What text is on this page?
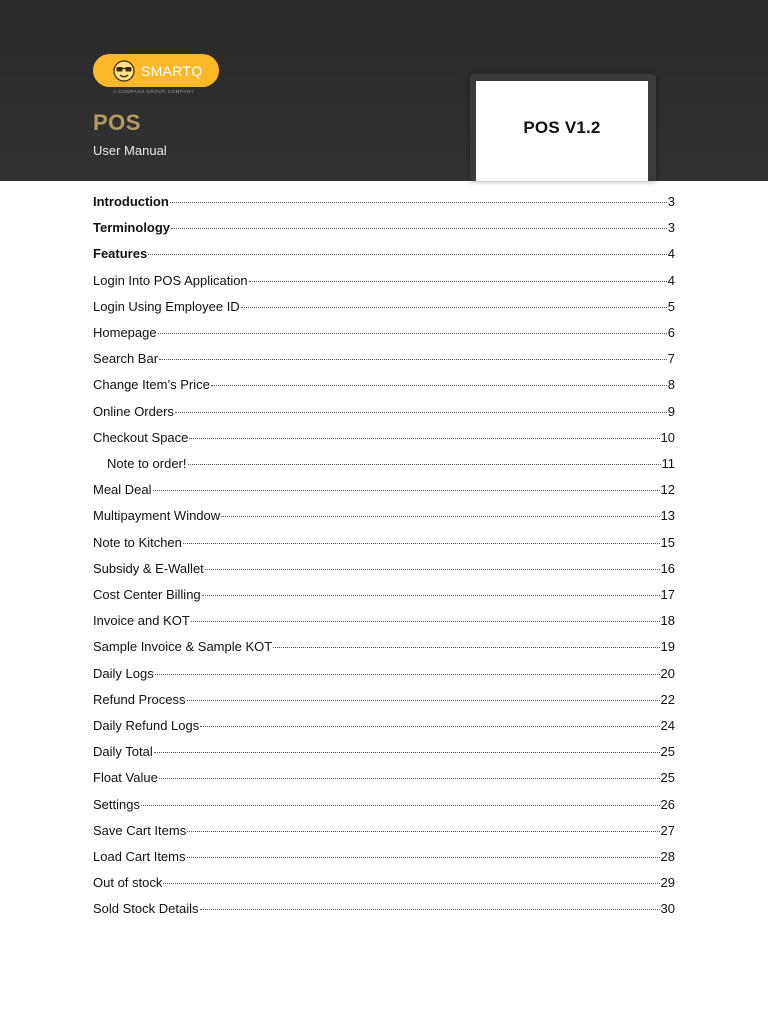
SMARTQ
A COMPASS GROUP COMPANY
POS
User Manual
POS V1.2
Introduction	3
Terminology	3
Features	4
Login Into POS Application	4
Login Using Employee ID	5
Homepage	6
Search Bar	7
Change Item’s Price	8
Online Orders	9
Checkout Space	10
Note to order!	11
Meal Deal	12
Multipayment Window	13
Note to Kitchen	15
Subsidy & E-Wallet	16
Cost Center Billing	17
Invoice and KOT	18
Sample Invoice & Sample KOT	19
Daily Logs	20
Refund Process	22
Daily Refund Logs	24
Daily Total	25
Float Value	25
Settings	26
Save Cart Items	27
Load Cart Items	28
Out of stock	29
Sold Stock Details	30
